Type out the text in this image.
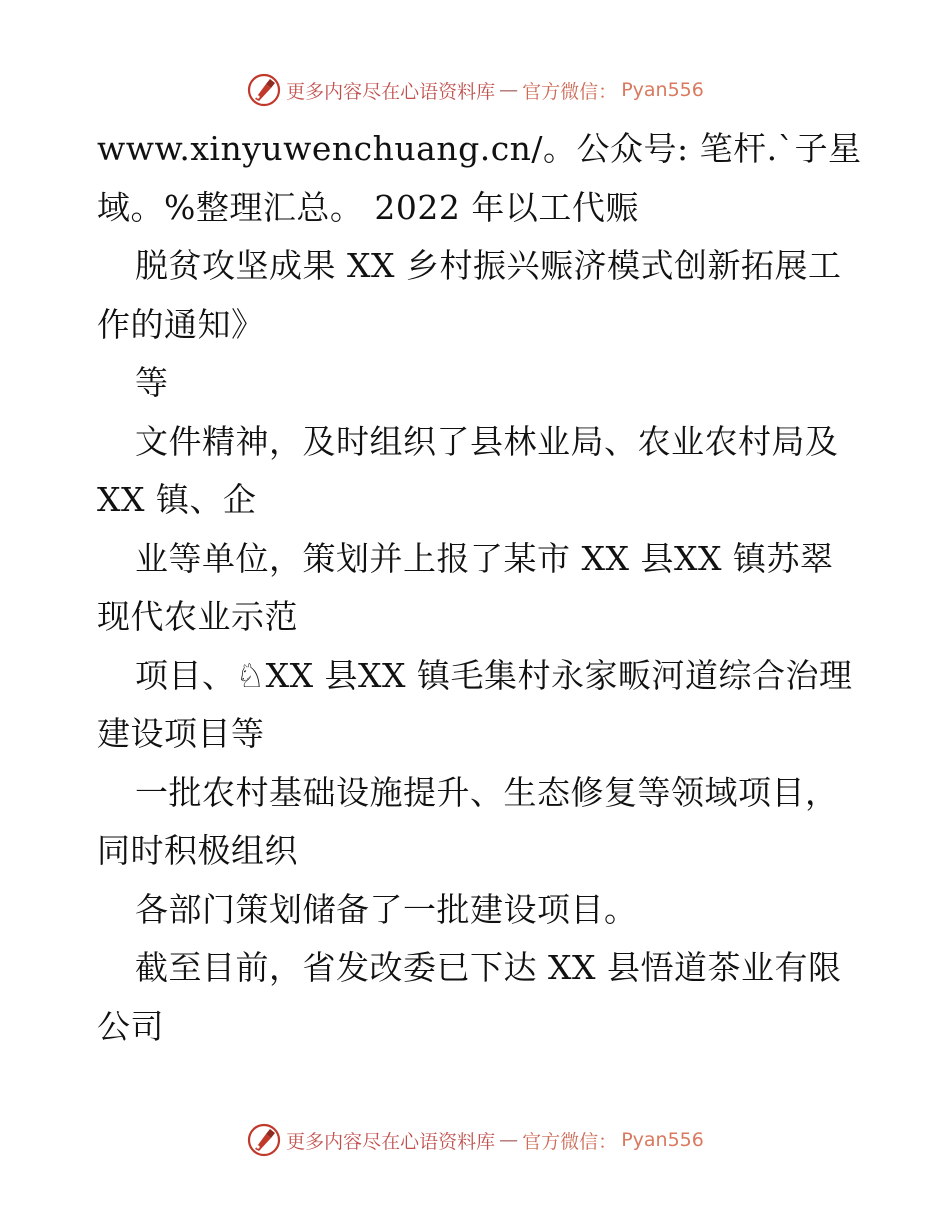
更多内容尽在心语资料库 — 官方微信： Pyan556
www.xinyuwenchuang.cn/。公众号: 笔杆.`子星
域。%整理汇总。 2022 年以工代赈
脱贫攻坚成果 XX 乡村振兴赈济模式创新拓展工
作的通知》
等
文件精神，及时组织了县林业局、农业农村局及
XX 镇、企
业等单位，策划并上报了某市 XX 县XX 镇苏翠
现代农业示范
项目、♘XX 县XX 镇毛集村永家畈河道综合治理
建设项目等
一批农村基础设施提升、生态修复等领域项目，
同时积极组织
各部门策划储备了一批建设项目。
截至目前，省发改委已下达 XX 县悟道茶业有限
公司
更多内容尽在心语资料库 — 官方微信： Pyan556
